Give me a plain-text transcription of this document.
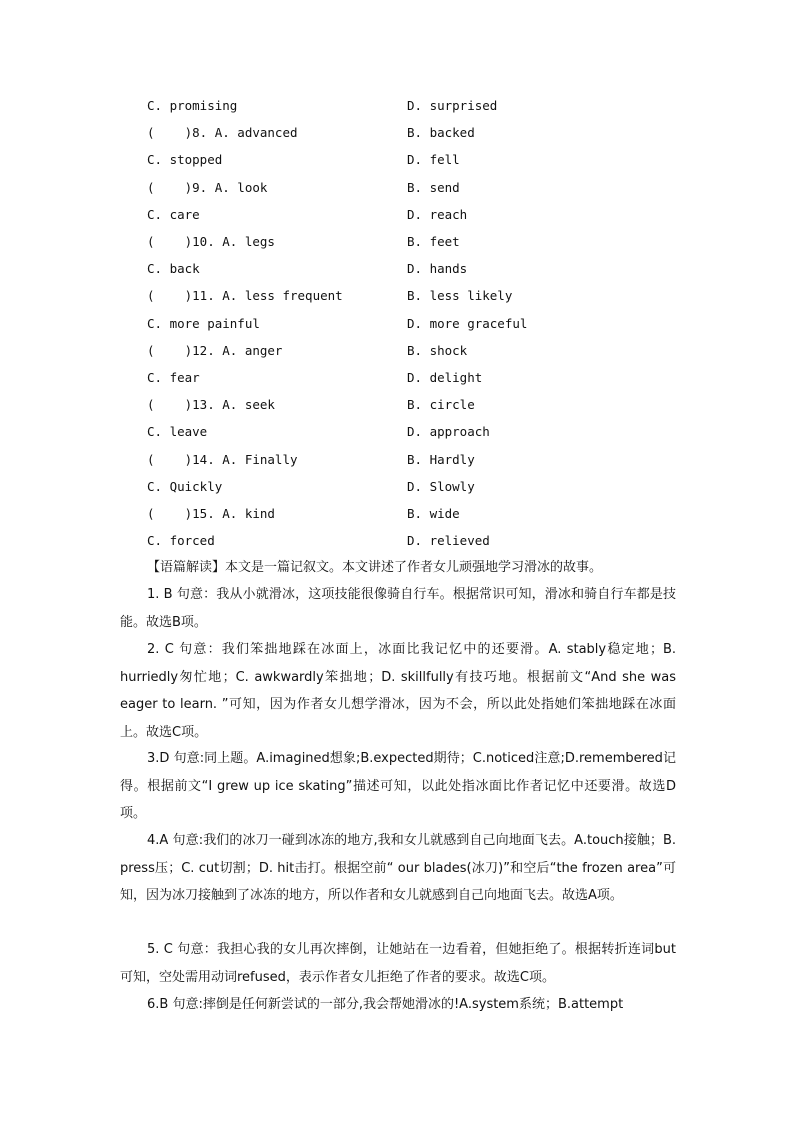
C. promising	D. surprised
(    )8. A. advanced	B. backed
C. stopped	D. fell
(    )9. A. look	B. send
C. care	D. reach
(    )10. A. legs	B. feet
C. back	D. hands
(    )11. A. less frequent	B. less likely
C. more painful	D. more graceful
(    )12. A. anger	B. shock
C. fear	D. delight
(    )13. A. seek	B. circle
C. leave	D. approach
(    )14. A. Finally	B. Hardly
C. Quickly	D. Slowly
(    )15. A. kind	B. wide
C. forced	D. relieved
【语篇解读】本文是一篇记叙文。本文讲述了作者女儿顽强地学习滑冰的故事。
1. B 句意：我从小就滑冰，这项技能很像骑自行车。根据常识可知，滑冰和骑自行车都是技能。故选B项。
2. C 句意：我们笨拙地踩在冰面上，冰面比我记忆中的还要滑。A. stably稳定地；B. hurriedly匆忙地；C. awkwardly笨拙地；D. skillfully有技巧地。根据前文“And she was eager to learn. ”可知，因为作者女儿想学滑冰，因为不会，所以此处指她们笨拙地踩在冰面上。故选C项。
3.D 句意:同上题。A.imagined想象;B.expected期待；C.noticed注意;D.remembered记得。根据前文“I grew up ice skating”描述可知，以此处指冰面比作者记忆中还要滑。故选D项。
4.A 句意:我们的冰刀一碰到冰冻的地方,我和女儿就感到自己向地面飞去。A.touch接触；B. press压；C. cut切割；D. hit击打。根据空前“ our blades(冰刀)”和空后“the frozen area”可知，因为冰刀接触到了冰冻的地方，所以作者和女儿就感到自己向地面飞去。故选A项。
5. C 句意：我担心我的女儿再次摔倒，让她站在一边看着，但她拒绝了。根据转折连词but可知，空处需用动词refused，表示作者女儿拒绝了作者的要求。故选C项。
6.B 句意:摔倒是任何新尝试的一部分,我会帮她滑冰的!A.system系统；B.attempt
